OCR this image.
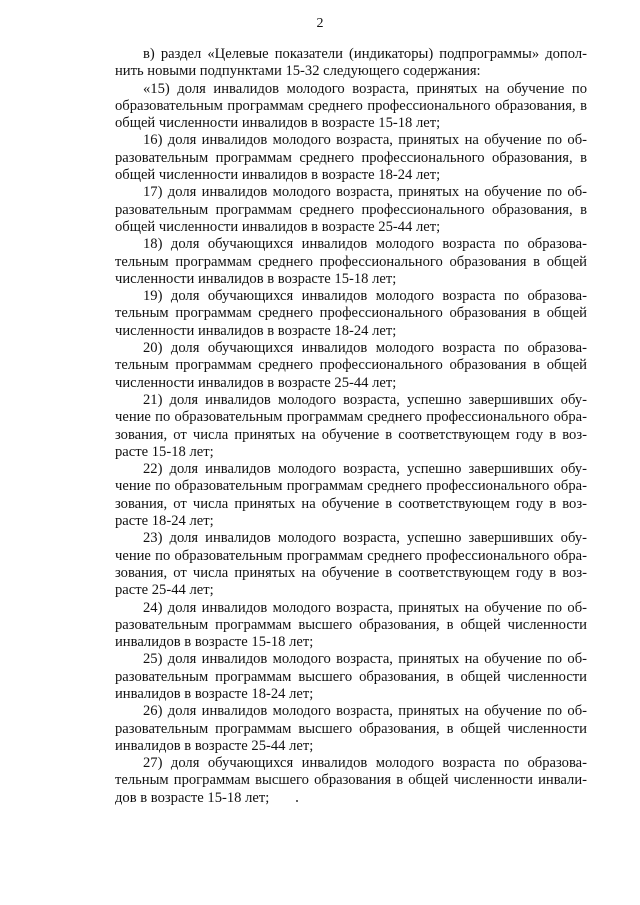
2

в) раздел «Целевые показатели (индикаторы) подпрограммы» дополнить новыми подпунктами 15-32 следующего содержания:

«15) доля инвалидов молодого возраста, принятых на обучение по образовательным программам среднего профессионального образования, в общей численности инвалидов в возрасте 15-18 лет;

16) доля инвалидов молодого возраста, принятых на обучение по образовательным программам среднего профессионального образования, в общей численности инвалидов в возрасте 18-24 лет;

17) доля инвалидов молодого возраста, принятых на обучение по образовательным программам среднего профессионального образования, в общей численности инвалидов в возрасте 25-44 лет;

18) доля обучающихся инвалидов молодого возраста по образовательным программам среднего профессионального образования в общей численности инвалидов в возрасте 15-18 лет;

19) доля обучающихся инвалидов молодого возраста по образовательным программам среднего профессионального образования в общей численности инвалидов в возрасте 18-24 лет;

20) доля обучающихся инвалидов молодого возраста по образовательным программам среднего профессионального образования в общей численности инвалидов в возрасте 25-44 лет;

21) доля инвалидов молодого возраста, успешно завершивших обучение по образовательным программам среднего профессионального образования, от числа принятых на обучение в соответствующем году в возрасте 15-18 лет;

22) доля инвалидов молодого возраста, успешно завершивших обучение по образовательным программам среднего профессионального образования, от числа принятых на обучение в соответствующем году в возрасте 18-24 лет;

23) доля инвалидов молодого возраста, успешно завершивших обучение по образовательным программам среднего профессионального образования, от числа принятых на обучение в соответствующем году в возрасте 25-44 лет;

24) доля инвалидов молодого возраста, принятых на обучение по образовательным программам высшего образования, в общей численности инвалидов в возрасте 15-18 лет;

25) доля инвалидов молодого возраста, принятых на обучение по образовательным программам высшего образования, в общей численности инвалидов в возрасте 18-24 лет;

26) доля инвалидов молодого возраста, принятых на обучение по образовательным программам высшего образования, в общей численности инвалидов в возрасте 25-44 лет;

27) доля обучающихся инвалидов молодого возраста по образовательным программам высшего образования в общей численности инвалидов в возрасте 15-18 лет;
